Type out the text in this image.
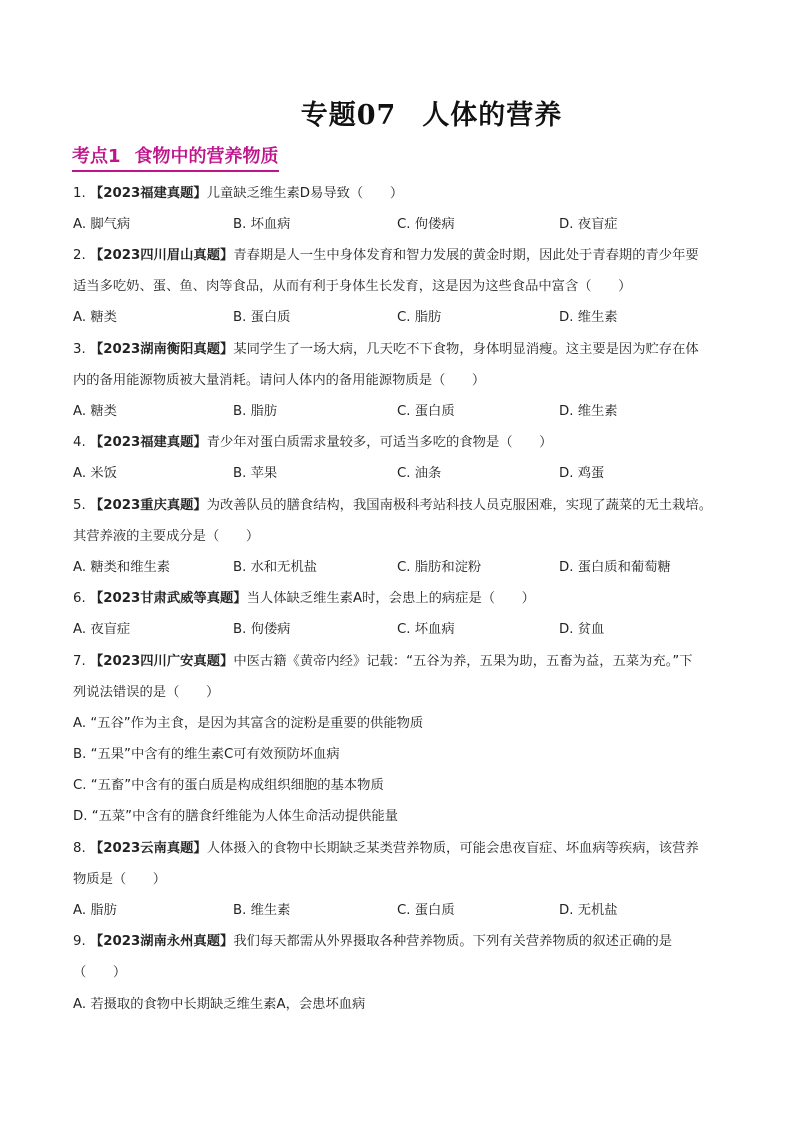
专题07 人体的营养
考点1 食物中的营养物质
1. 【2023福建真题】儿童缺乏维生素D易导致（　　）
A. 脚气病	B. 坏血病	C. 佝偻病	D. 夜盲症
2. 【2023四川眉山真题】青春期是人一生中身体发育和智力发展的黄金时期，因此处于青春期的青少年要
适当多吃奶、蛋、鱼、肉等食品，从而有利于身体生长发育，这是因为这些食品中富含（　　）
A. 糖类	B. 蛋白质	C. 脂肪	D. 维生素
3. 【2023湖南衡阳真题】某同学生了一场大病，几天吃不下食物，身体明显消瘦。这主要是因为贮存在体
内的备用能源物质被大量消耗。请问人体内的备用能源物质是（　　）
A. 糖类	B. 脂肪	C. 蛋白质	D. 维生素
4. 【2023福建真题】青少年对蛋白质需求量较多，可适当多吃的食物是（　　）
A. 米饭	B. 苹果	C. 油条	D. 鸡蛋
5. 【2023重庆真题】为改善队员的膳食结构，我国南极科考站科技人员克服困难，实现了蔬菜的无土栽培。
其营养液的主要成分是（　　）
A. 糖类和维生素	B. 水和无机盐	C. 脂肪和淀粉	D. 蛋白质和葡萄糖
6. 【2023甘肃武威等真题】当人体缺乏维生素A时，会患上的病症是（　　）
A. 夜盲症	B. 佝偻病	C. 坏血病	D. 贫血
7. 【2023四川广安真题】中医古籍《黄帝内经》记载：“五谷为养，五果为助，五畜为益，五菜为充。”下
列说法错误的是（　　）
A. “五谷”作为主食，是因为其富含的淀粉是重要的供能物质
B. “五果”中含有的维生素C可有效预防坏血病
C. “五畜”中含有的蛋白质是构成组织细胞的基本物质
D. “五菜”中含有的膳食纤维能为人体生命活动提供能量
8. 【2023云南真题】人体摄入的食物中长期缺乏某类营养物质，可能会患夜盲症、坏血病等疾病，该营养
物质是（　　）
A. 脂肪	B. 维生素	C. 蛋白质	D. 无机盐
9. 【2023湖南永州真题】我们每天都需从外界摄取各种营养物质。下列有关营养物质的叙述正确的是
（　　）
A. 若摄取的食物中长期缺乏维生素A，会患坏血病
